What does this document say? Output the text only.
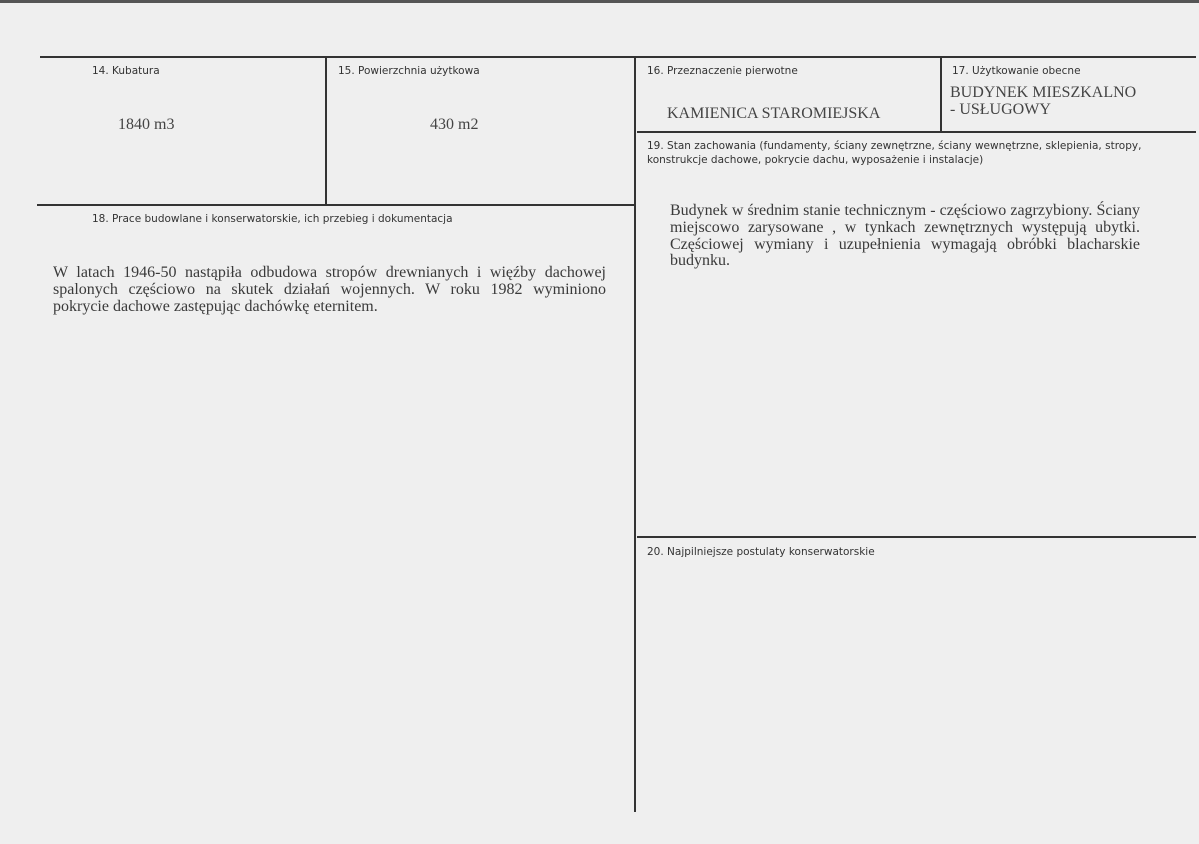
14. Kubatura
1840 m3
15. Powierzchnia użytkowa
430 m2
16. Przeznaczenie pierwotne
KAMIENICA STAROMIEJSKA
17. Użytkowanie obecne
BUDYNEK MIESZKALNO
- USŁUGOWY
18. Prace budowlane i konserwatorskie, ich przebieg i dokumentacja
W latach 1946-50 nastąpiła odbudowa stropów drewnianych i więźby dachowej spalonych częściowo na skutek działań wojennych. W roku 1982 wyminiono pokrycie dachowe zastępując dachówkę eternitem.
19. Stan zachowania (fundamenty, ściany zewnętrzne, ściany wewnętrzne, sklepienia, stropy, konstrukcje dachowe, pokrycie dachu, wyposażenie i instalacje)
Budynek w średnim stanie technicznym - częściowo zagrzybiony. Ściany miejscowo zarysowane , w tynkach zewnętrznych występują ubytki. Częściowej wymiany i uzupełnienia wymagają obróbki blacharskie budynku.
20. Najpilniejsze postulaty konserwatorskie
